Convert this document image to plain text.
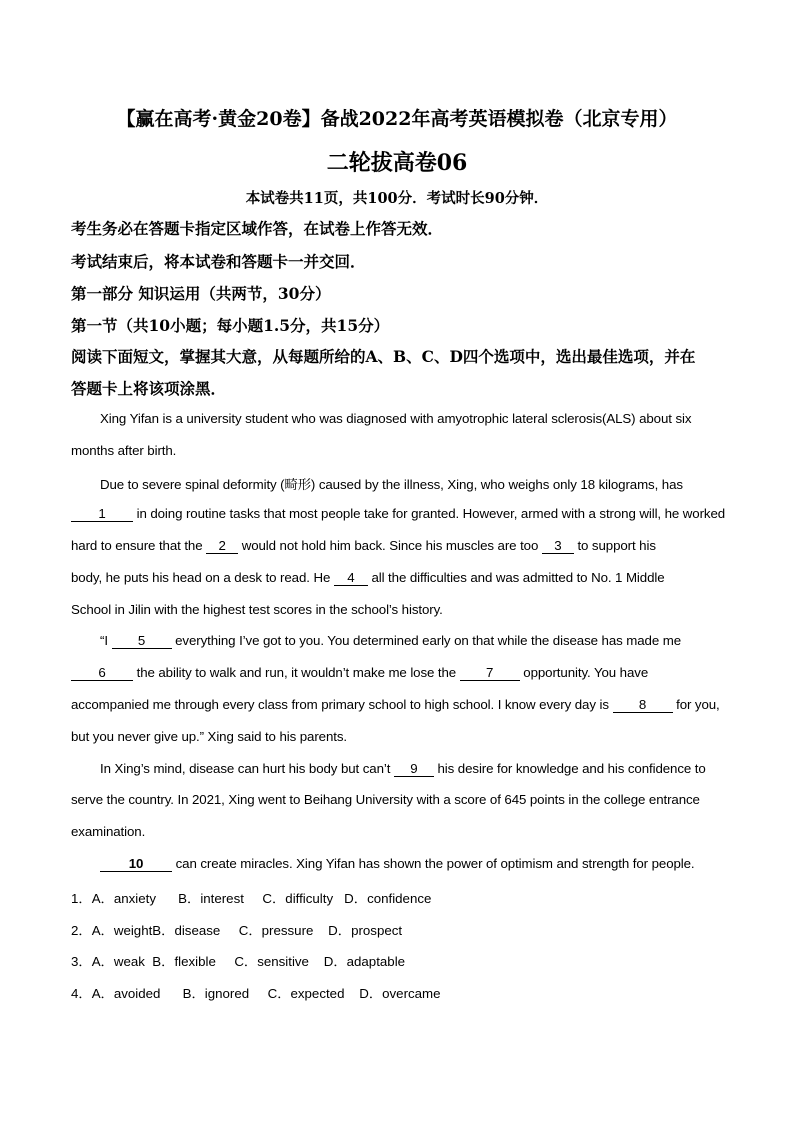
【赢在高考·黄金20卷】备战2022年高考英语模拟卷（北京专用）
二轮拔高卷06
本试卷共11页，共100分．考试时长90分钟．
考生务必在答题卡指定区域作答，在试卷上作答无效．
考试结束后，将本试卷和答题卡一并交回．
第一部分 知识运用（共两节，30分）
第一节（共10小题；每小题1.5分，共15分）
阅读下面短文，掌握其大意，从每题所给的A、B、C、D四个选项中，选出最佳选项，并在
答题卡上将该项涂黑．
Xing Yifan is a university student who was diagnosed with amyotrophic lateral sclerosis(ALS) about six
months after birth.
Due to severe spinal deformity (畸形) caused by the illness, Xing, who weighs only 18 kilograms, has
1 in doing routine tasks that most people take for granted. However, armed with a strong will, he worked
hard to ensure that the 2 would not hold him back. Since his muscles are too 3 to support his
body, he puts his head on a desk to read. He 4 all the difficulties and was admitted to No. 1 Middle
School in Jilin with the highest test scores in the school’s history.
“I 5 everything I’ve got to you. You determined early on that while the disease has made me
6 the ability to walk and run, it wouldn’t make me lose the 7 opportunity. You have
accompanied me through every class from primary school to high school. I know every day is 8 for you,
but you never give up.” Xing said to his parents.
In Xing’s mind, disease can hurt his body but can’t 9 his desire for knowledge and his confidence to
serve the country. In 2021, Xing went to Beihang University with a score of 645 points in the college entrance
examination.
10 can create miracles. Xing Yifan has shown the power of optimism and strength for people.
1．A．anxiety      B．interest     C．difficulty   D．confidence
2．A．weightB．disease     C．pressure    D．prospect
3．A．weak  B．flexible     C．sensitive    D．adaptable
4．A．avoided      B．ignored     C．expected    D．overcame
